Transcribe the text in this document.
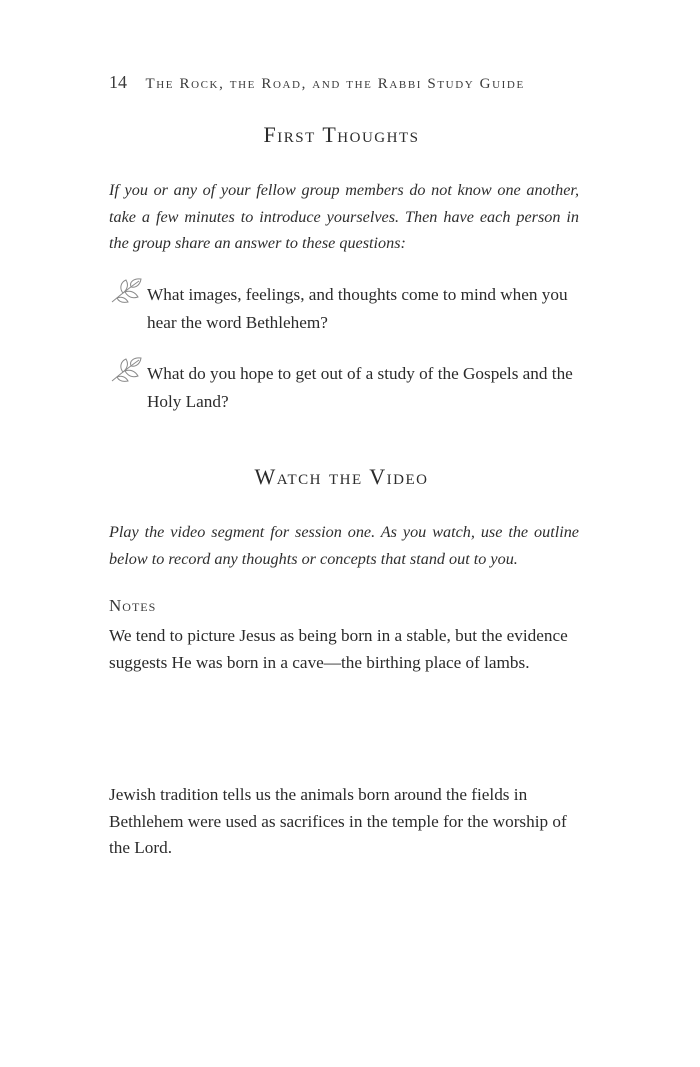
14 The Rock, the Road, and the Rabbi Study Guide
First Thoughts
If you or any of your fellow group members do not know one another, take a few minutes to introduce yourselves. Then have each person in the group share an answer to these questions:
What images, feelings, and thoughts come to mind when you hear the word Bethlehem?
What do you hope to get out of a study of the Gospels and the Holy Land?
Watch the Video
Play the video segment for session one. As you watch, use the outline below to record any thoughts or concepts that stand out to you.
Notes
We tend to picture Jesus as being born in a stable, but the evidence suggests He was born in a cave—the birthing place of lambs.
Jewish tradition tells us the animals born around the fields in Bethlehem were used as sacrifices in the temple for the worship of the Lord.
